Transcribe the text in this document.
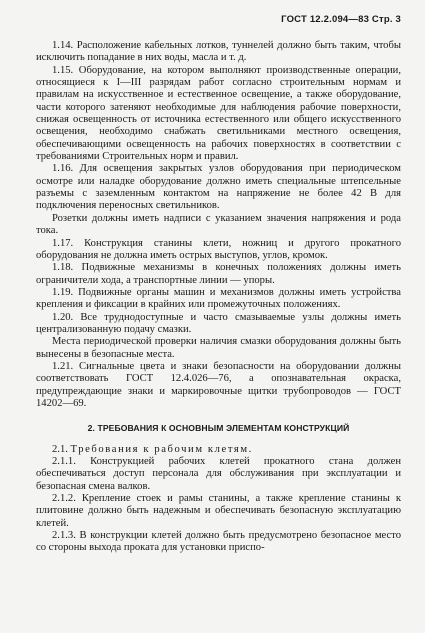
ГОСТ 12.2.094—83 Стр. 3

1.14. Расположение кабельных лотков, туннелей должно быть таким, чтобы исключить попадание в них воды, масла и т. д.

1.15. Оборудование, на котором выполняют производственные операции, относящиеся к I—III разрядам работ согласно строительным нормам и правилам на искусственное и естественное освещение, а также оборудование, части которого затеняют необходимые для наблюдения рабочие поверхности, снижая освещенность от источника естественного или общего искусственного освещения, необходимо снабжать светильниками местного освещения, обеспечивающими освещенность на рабочих поверхностях в соответствии с требованиями Строительных норм и правил.

1.16. Для освещения закрытых узлов оборудования при периодическом осмотре или наладке оборудование должно иметь специальные штепсельные разъемы с заземленным контактом на напряжение не более 42 В для подключения переносных светильников.

Розетки должны иметь надписи с указанием значения напряжения и рода тока.

1.17. Конструкция станины клети, ножниц и другого прокатного оборудования не должна иметь острых выступов, углов, кромок.

1.18. Подвижные механизмы в конечных положениях должны иметь ограничители хода, а транспортные линии — упоры.

1.19. Подвижные органы машин и механизмов должны иметь устройства крепления и фиксации в крайних или промежуточных положениях.

1.20. Все труднодоступные и часто смазываемые узлы должны иметь централизованную подачу смазки.

Места периодической проверки наличия смазки оборудования должны быть вынесены в безопасные места.

1.21. Сигнальные цвета и знаки безопасности на оборудовании должны соответствовать ГОСТ 12.4.026—76, а опознавательная окраска, предупреждающие знаки и маркировочные щитки трубопроводов — ГОСТ 14202—69.

2. ТРЕБОВАНИЯ К ОСНОВНЫМ ЭЛЕМЕНТАМ КОНСТРУКЦИЙ

2.1. Требования к рабочим клетям.

2.1.1. Конструкцией рабочих клетей прокатного стана должен обеспечиваться доступ персонала для обслуживания при эксплуатации и безопасная смена валков.

2.1.2. Крепление стоек и рамы станины, а также крепление станины к плитовине должно быть надежным и обеспечивать безопасную эксплуатацию клетей.

2.1.3. В конструкции клетей должно быть предусмотрено безопасное место со стороны выхода проката для установки приспо-
